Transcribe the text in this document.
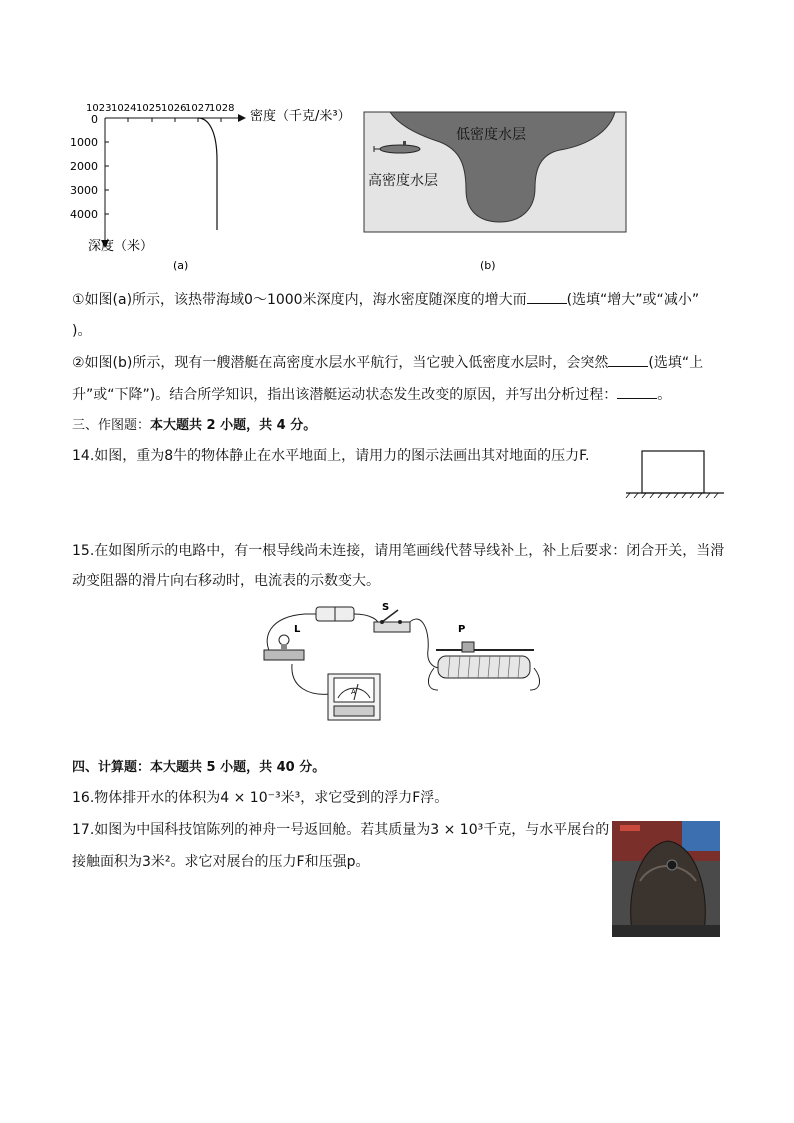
1023 1024 1025 1026
1027
1028
密度（千克/米³）
0
1000
2000
3000
4000
深度（米）
(a)
低密度水层
高密度水层
(b)
①如图(a)所示，该热带海域0～1000米深度内，海水密度随深度的增大而	(选填“增大”或“减小”
)。
②如图(b)所示，现有一艘潜艇在高密度水层水平航行，当它驶入低密度水层时，会突然	(选填“上
升”或“下降”)。结合所学知识，指出该潜艇运动状态发生改变的原因，并写出分析过程：	。
三、作图题：本大题共 2 小题，共 4 分。
14.如图，重为8牛的物体静止在水平地面上，请用力的图示法画出其对地面的压力F.
15.在如图所示的电路中，有一根导线尚未连接，请用笔画线代替导线补上，补上后要求：闭合开关，当滑
动变阻器的滑片向右移动时，电流表的示数变大。
S
L
A
P
四、计算题：本大题共 5 小题，共 40 分。
16.物体排开水的体积为4 × 10⁻³米³，求它受到的浮力F浮。
17.如图为中国科技馆陈列的神舟一号返回舱。若其质量为3 × 10³千克，与水平展台的
接触面积为3米²。求它对展台的压力F和压强p。
